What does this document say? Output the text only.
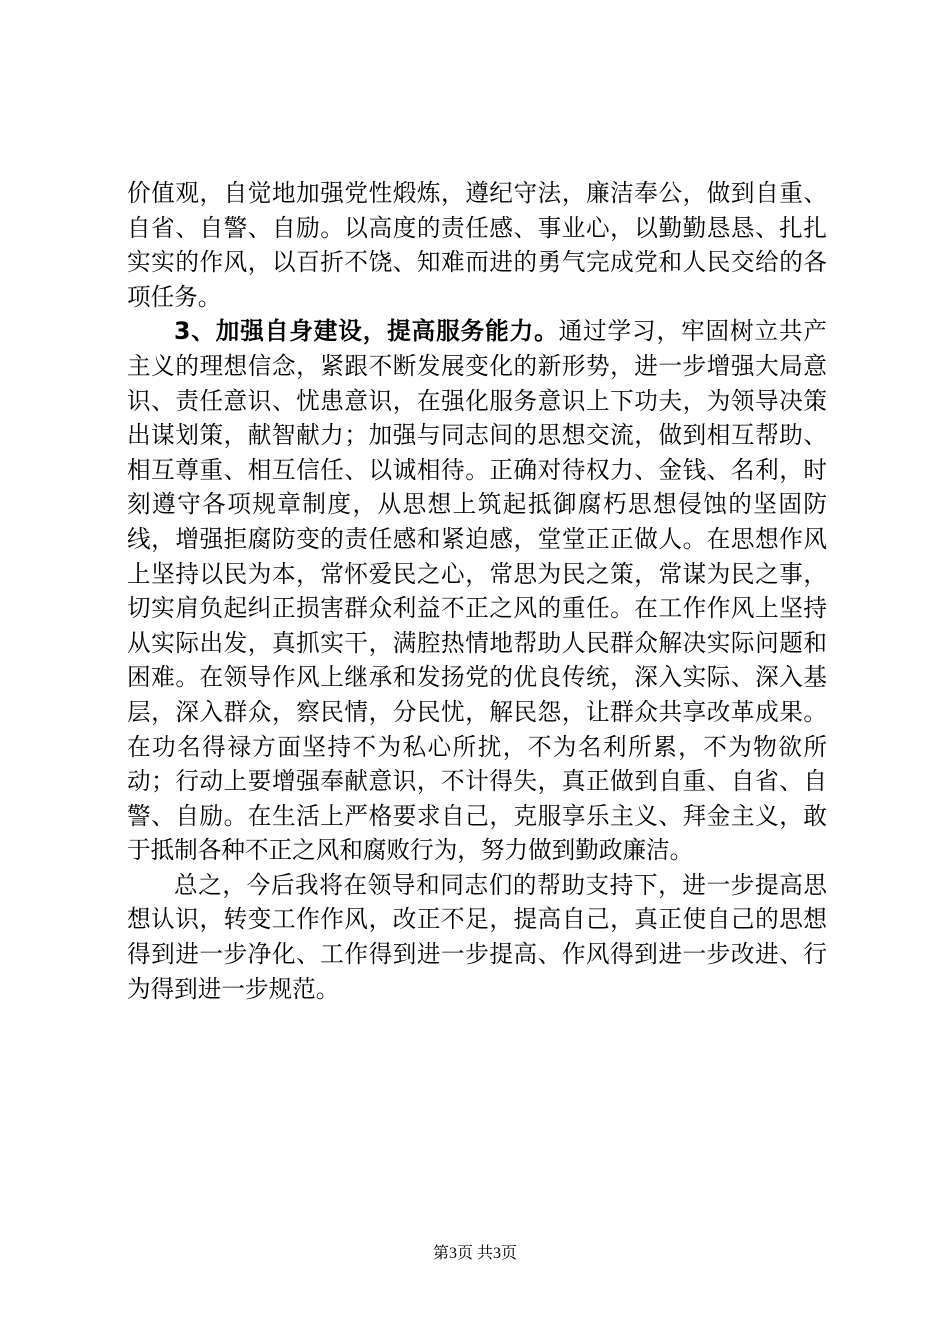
价值观，自觉地加强党性煅炼，遵纪守法，廉洁奉公，做到自重、自省、自警、自励。以高度的责任感、事业心，以勤勤恳恳、扎扎实实的作风，以百折不饶、知难而进的勇气完成党和人民交给的各项任务。

3、加强自身建设，提高服务能力。通过学习，牢固树立共产主义的理想信念，紧跟不断发展变化的新形势，进一步增强大局意识、责任意识、忧患意识，在强化服务意识上下功夫，为领导决策出谋划策，献智献力；加强与同志间的思想交流，做到相互帮助、相互尊重、相互信任、以诚相待。正确对待权力、金钱、名利，时刻遵守各项规章制度，从思想上筑起抵御腐朽思想侵蚀的坚固防线，增强拒腐防变的责任感和紧迫感，堂堂正正做人。在思想作风上坚持以民为本，常怀爱民之心，常思为民之策，常谋为民之事，切实肩负起纠正损害群众利益不正之风的重任。在工作作风上坚持从实际出发，真抓实干，满腔热情地帮助人民群众解决实际问题和困难。在领导作风上继承和发扬党的优良传统，深入实际、深入基层，深入群众，察民情，分民忧，解民怨，让群众共享改革成果。在功名得禄方面坚持不为私心所扰，不为名利所累，不为物欲所动；行动上要增强奉献意识，不计得失，真正做到自重、自省、自警、自励。在生活上严格要求自己，克服享乐主义、拜金主义，敢于抵制各种不正之风和腐败行为，努力做到勤政廉洁。

总之，今后我将在领导和同志们的帮助支持下，进一步提高思想认识，转变工作作风，改正不足，提高自己，真正使自己的思想得到进一步净化、工作得到进一步提高、作风得到进一步改进、行为得到进一步规范。

第3页 共3页
